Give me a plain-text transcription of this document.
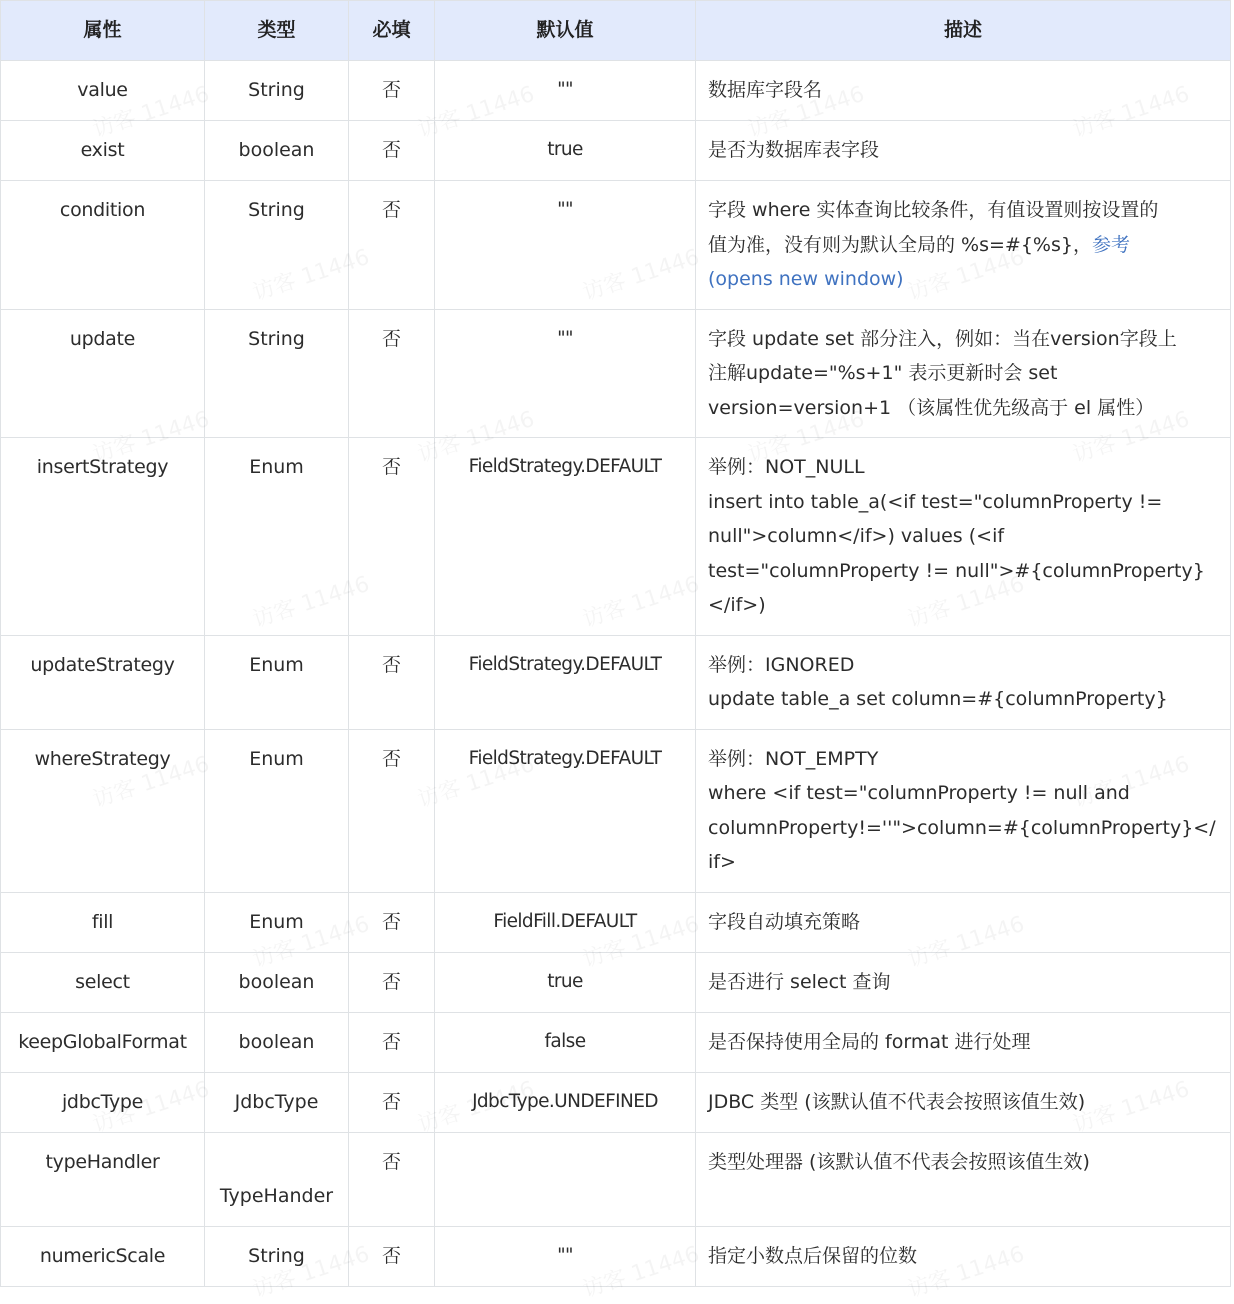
属性	类型	必填	默认值	描述
value	String	否	""	数据库字段名

exist	boolean	否	true	是否为数据库表字段

condition	String	否	""	字段 where 实体查询比较条件，有值设置则按设置的
值为准，没有则为默认全局的 %s=#{%s}，参考
(opens new window)

update	String	否	""	字段 update set 部分注入，例如：当在version字段上
注解update="%s+1" 表示更新时会 set
version=version+1 （该属性优先级高于 el 属性）

insertStrategy	Enum	否	FieldStrategy.DEFAULT	举例：NOT_NULL
insert into table_a(<if test="columnProperty !=
null">column</if>) values (<if
test="columnProperty != null">#{columnProperty}
</if>)

updateStrategy	Enum	否	FieldStrategy.DEFAULT	举例：IGNORED
update table_a set column=#{columnProperty}

whereStrategy	Enum	否	FieldStrategy.DEFAULT	举例：NOT_EMPTY
where <if test="columnProperty != null and
columnProperty!=''">column=#{columnProperty}</
if>

fill	Enum	否	FieldFill.DEFAULT	字段自动填充策略

select	boolean	否	true	是否进行 select 查询

keepGlobalFormat	boolean	否	false	是否保持使用全局的 format 进行处理

jdbcType	JdbcType	否	JdbcType.UNDEFINED	JDBC 类型 (该默认值不代表会按照该值生效)

typeHandler	TypeHander	否		类型处理器 (该默认值不代表会按照该值生效)

numericScale	String	否	""	指定小数点后保留的位数
